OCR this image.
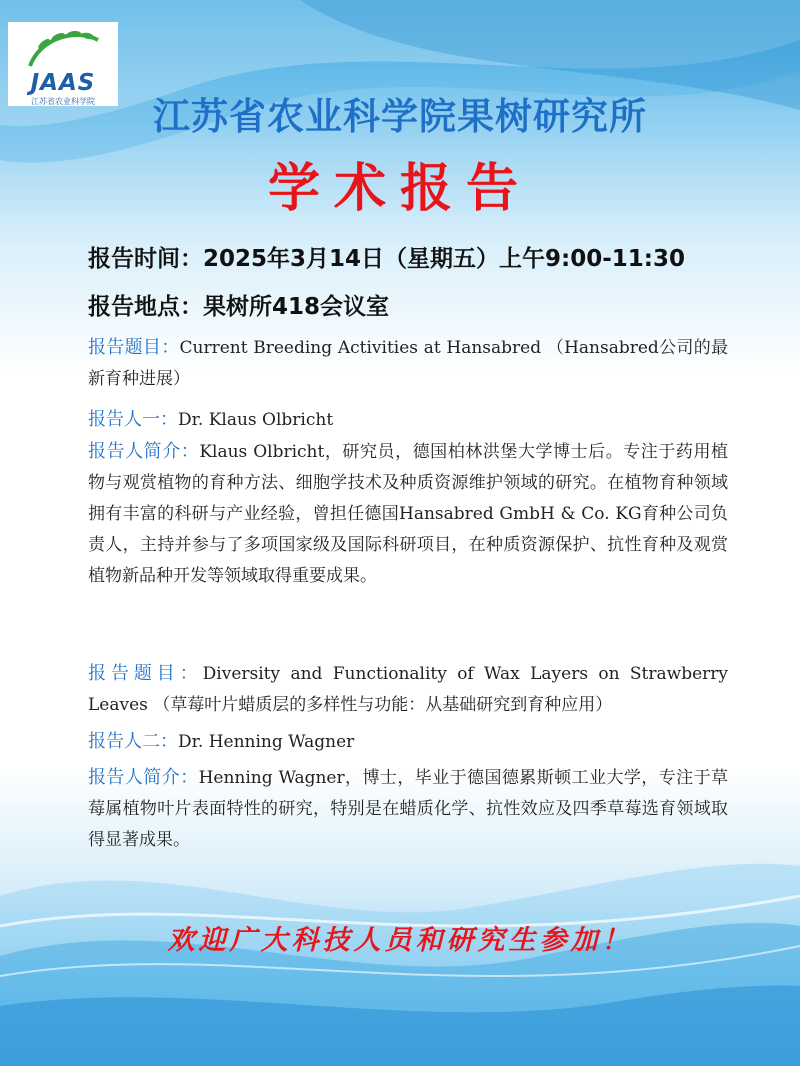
JAAS
江苏省农业科学院	江苏省农业科学院果树研究所
学术报告
报告时间：2025年3月14日（星期五）上午9:00-11:30
报告地点：果树所418会议室
报告题目：Current Breeding Activities at Hansabred （Hansabred公司的最新育种进展）
报告人一：Dr. Klaus Olbricht
报告人简介：Klaus Olbricht，研究员，德国柏林洪堡大学博士后。专注于药用植物与观赏植物的育种方法、细胞学技术及种质资源维护领域的研究。在植物育种领域拥有丰富的科研与产业经验，曾担任德国Hansabred GmbH & Co. KG育种公司负责人，主持并参与了多项国家级及国际科研项目，在种质资源保护、抗性育种及观赏植物新品种开发等领域取得重要成果。
报告题目：Diversity and Functionality of Wax Layers on Strawberry Leaves （草莓叶片蜡质层的多样性与功能：从基础研究到育种应用）
报告人二：Dr. Henning Wagner
报告人简介：Henning Wagner，博士，毕业于德国德累斯顿工业大学，专注于草莓属植物叶片表面特性的研究，特别是在蜡质化学、抗性效应及四季草莓选育领域取得显著成果。
欢迎广大科技人员和研究生参加！
